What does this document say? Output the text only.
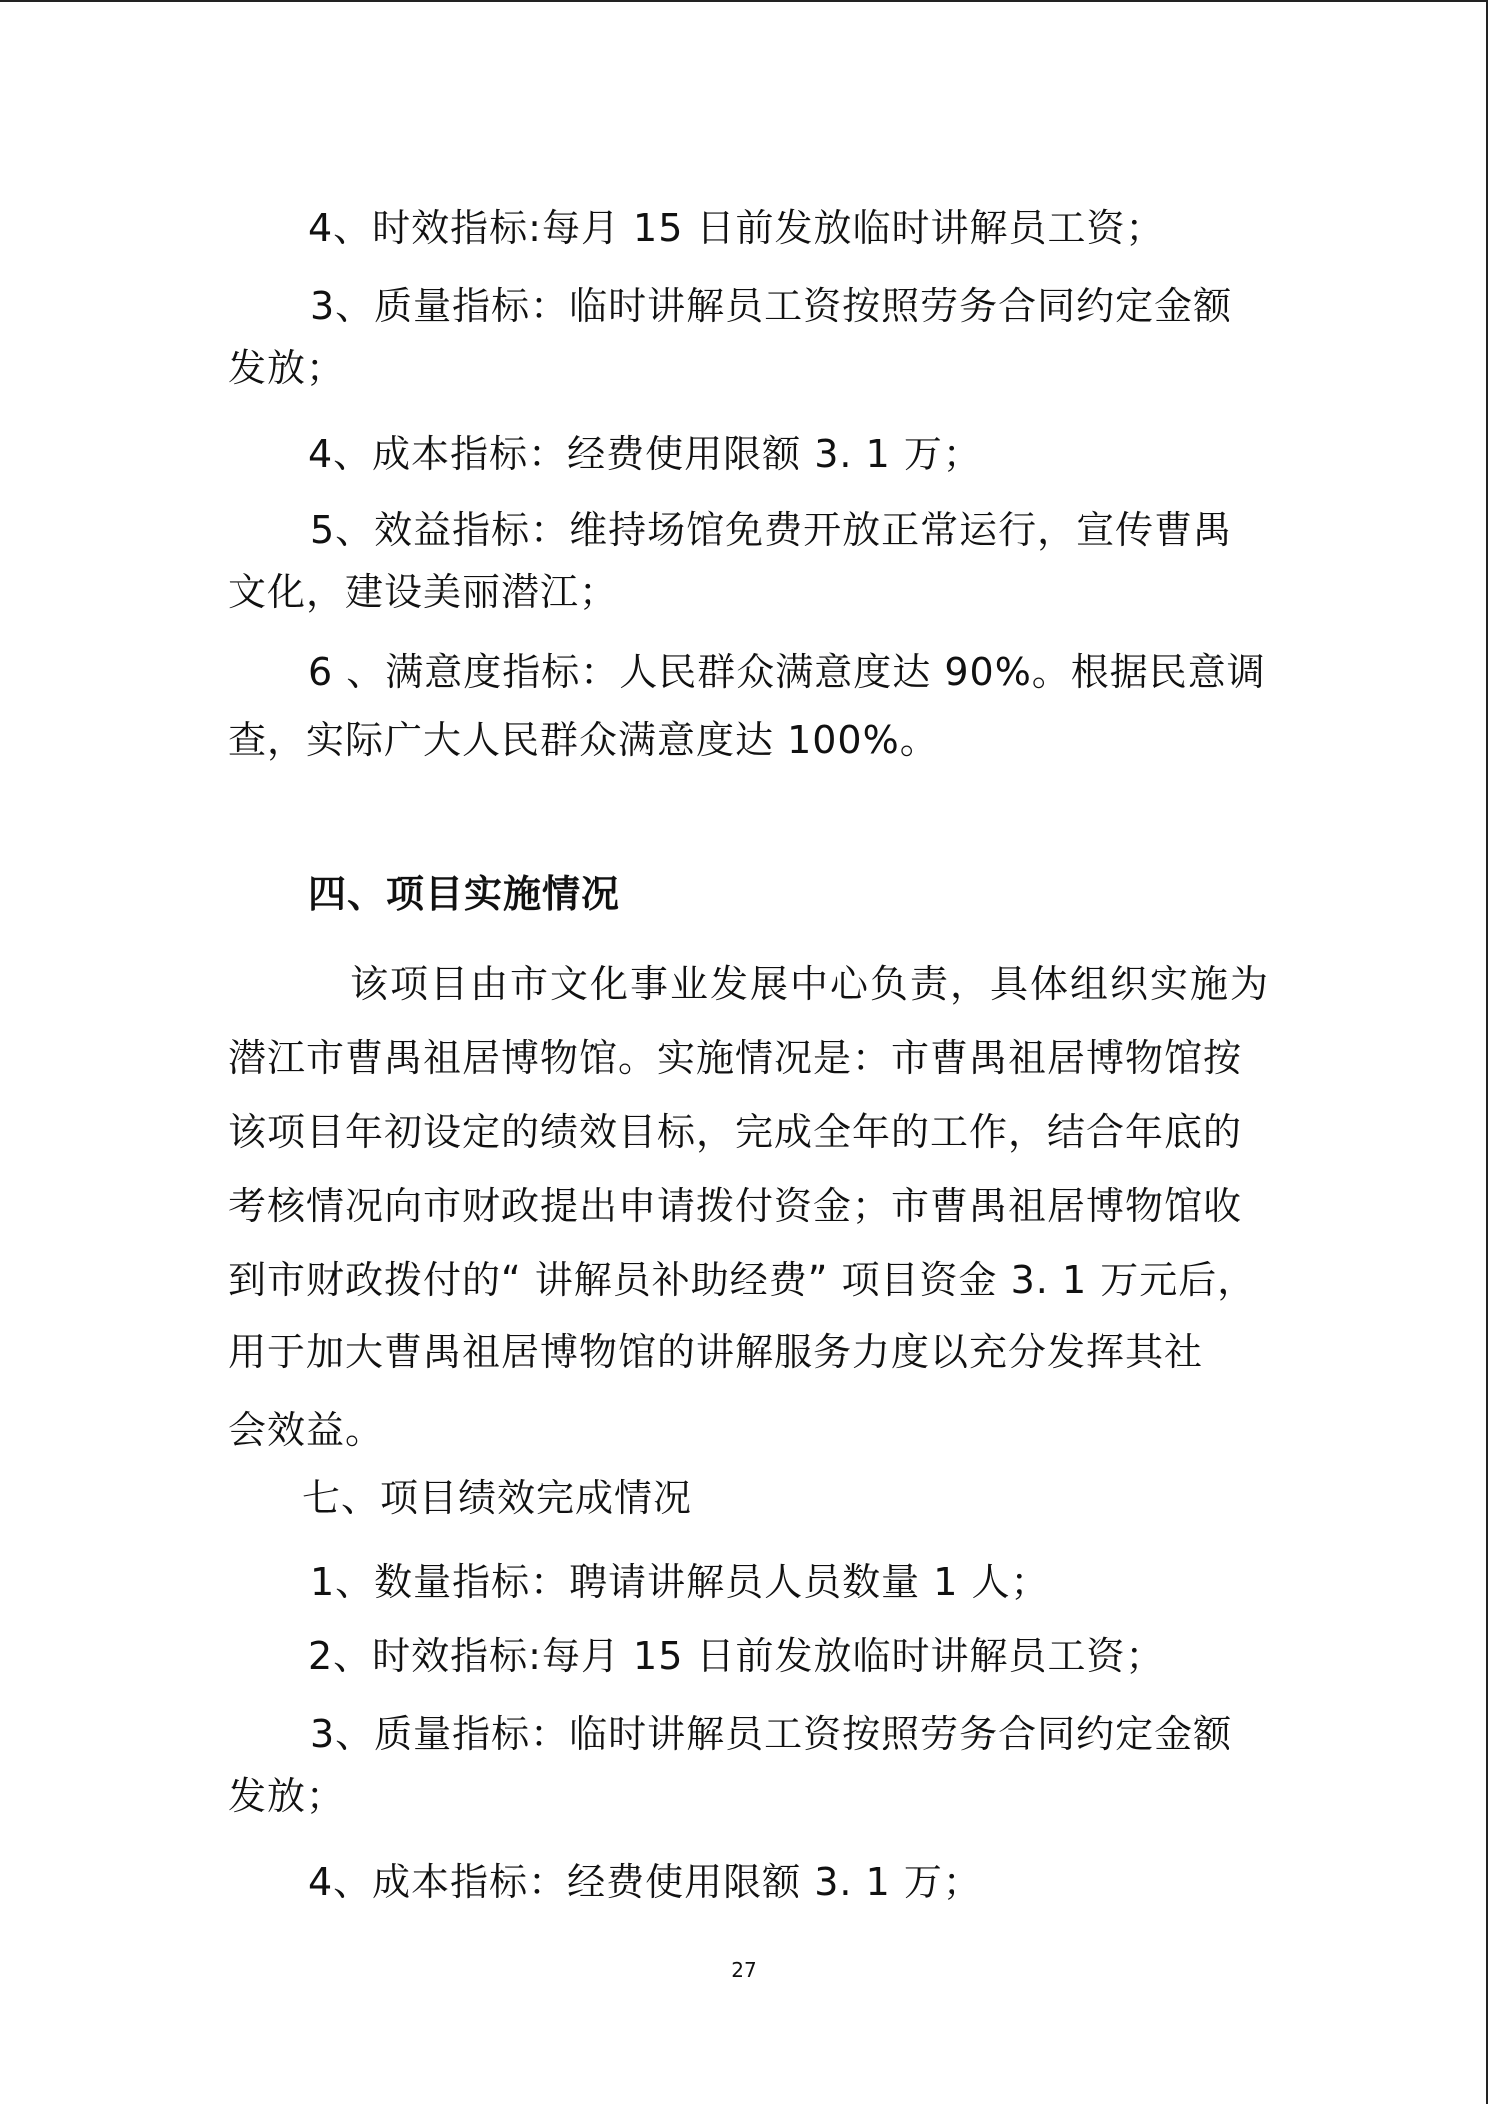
4、时效指标:每月 15 日前发放临时讲解员工资；
3、质量指标：临时讲解员工资按照劳务合同约定金额
发放；
4、成本指标：经费使用限额 3. 1 万；
5、效益指标：维持场馆免费开放正常运行，宣传曹禺
文化，建设美丽潜江；
6 、满意度指标：人民群众满意度达 90%。根据民意调
查，实际广大人民群众满意度达 100%。
四、项目实施情况
该项目由市文化事业发展中心负责，具体组织实施为
潜江市曹禺祖居博物馆。实施情况是：市曹禺祖居博物馆按
该项目年初设定的绩效目标，完成全年的工作，结合年底的
考核情况向市财政提出申请拨付资金；市曹禺祖居博物馆收
到市财政拨付的“ 讲解员补助经费” 项目资金 3. 1 万元后，
用于加大曹禺祖居博物馆的讲解服务力度以充分发挥其社
会效益。
七、项目绩效完成情况
1、数量指标：聘请讲解员人员数量 1 人；
2、时效指标:每月 15 日前发放临时讲解员工资；
3、质量指标：临时讲解员工资按照劳务合同约定金额
发放；
4、成本指标：经费使用限额 3. 1 万；
27
